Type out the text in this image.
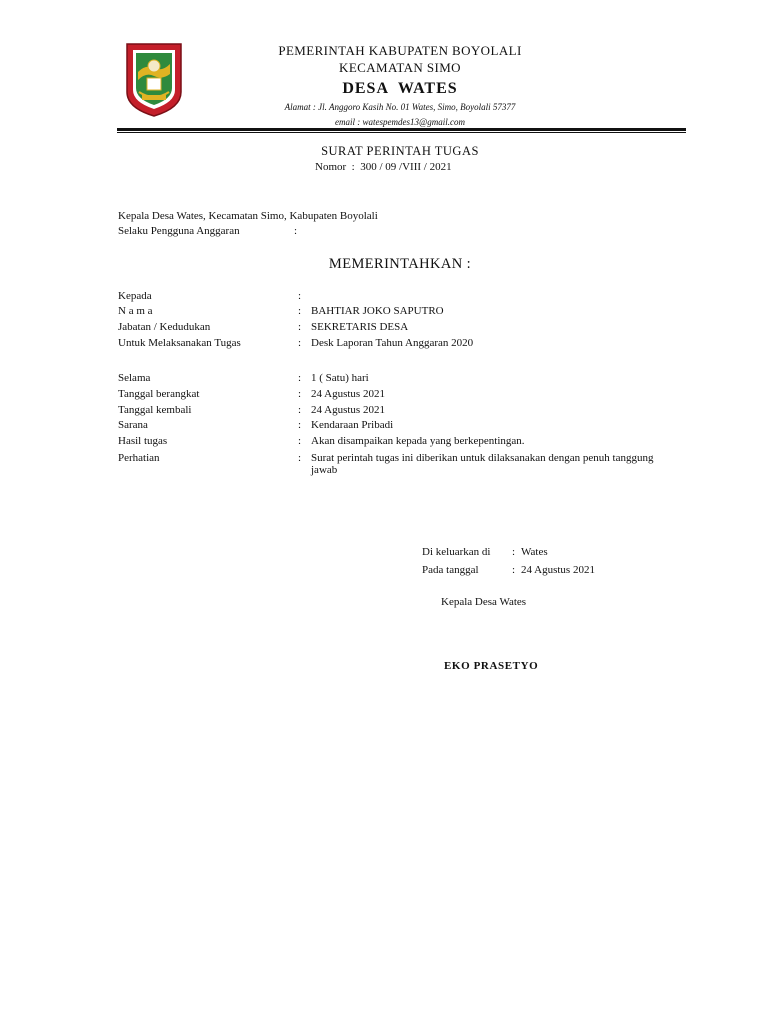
PEMERINTAH KABUPATEN BOYOLALI
KECAMATAN SIMO
DESA  WATES
Alamat : Jl. Anggoro Kasih No. 01 Wates, Simo, Boyolali 57377
email : watespemdes13@gmail.com
SURAT PERINTAH TUGAS
Nomor  :  300 / 09 /VIII / 2021
Kepala Desa Wates, Kecamatan Simo, Kabupaten Boyolali
Selaku Pengguna Anggaran	:
MEMERINTAHKAN :
Kepada	:
N a m a	: BAHTIAR JOKO SAPUTRO
Jabatan / Kedudukan	: SEKRETARIS DESA
Untuk Melaksanakan Tugas	: Desk Laporan Tahun Anggaran 2020
Selama	: 1 ( Satu) hari
Tanggal berangkat	: 24 Agustus 2021
Tanggal kembali	: 24 Agustus 2021
Sarana	: Kendaraan Pribadi
Hasil tugas	: Akan disampaikan kepada yang berkepentingan.
Perhatian	: Surat perintah tugas ini diberikan untuk dilaksanakan dengan penuh tanggung jawab
Di keluarkan di : Wates
Pada tanggal	: 24 Agustus 2021
Kepala Desa Wates
EKO PRASETYO
